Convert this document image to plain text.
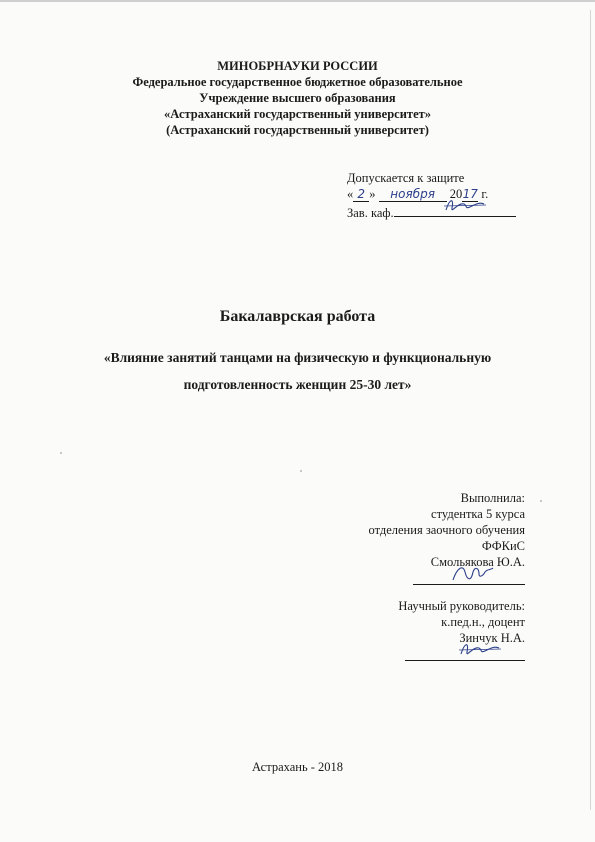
МИНОБРНАУКИ РОССИИ
Федеральное государственное бюджетное образовательное
Учреждение высшего образования
«Астраханский государственный университет»
(Астраханский государственный университет)
Допускается к защите
« 2 » ноября 2017 г.
Зав. каф.
Бакалаврская работа
«Влияние занятий танцами на физическую и функциональную
подготовленность женщин 25-30 лет»
Выполнила:
студентка 5 курса
отделения заочного обучения
ФФКиС
Смольякова Ю.А.
Научный руководитель:
к.пед.н., доцент
Зинчук Н.А.
Астрахань - 2018
